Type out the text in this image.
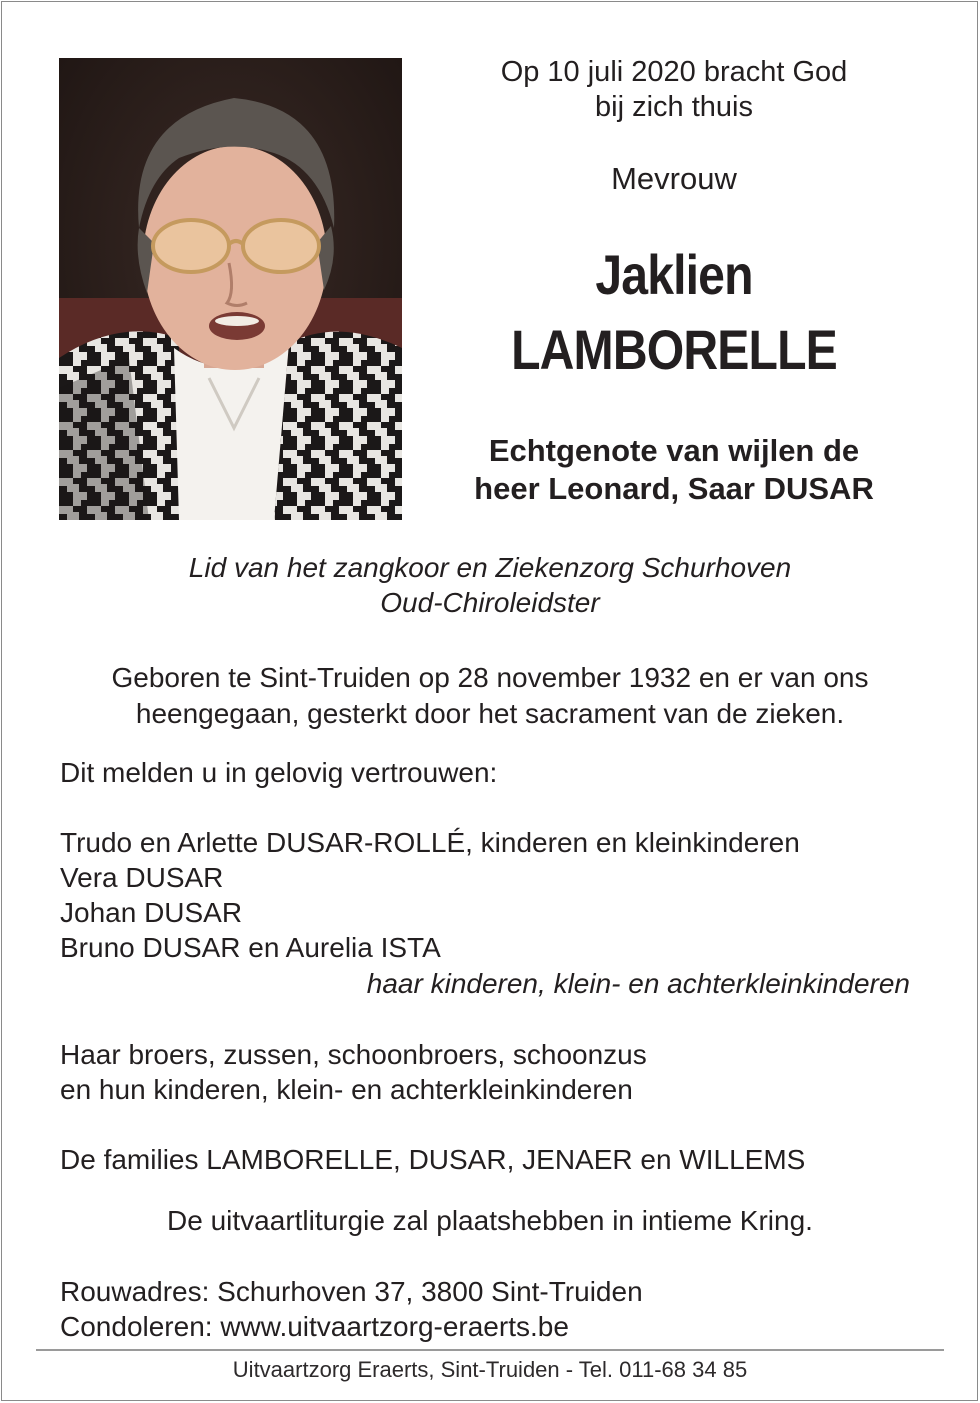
Op 10 juli 2020 bracht God
bij zich thuis
Mevrouw
Jaklien
LAMBORELLE
Echtgenote van wijlen de
heer Leonard, Saar DUSAR
Lid van het zangkoor en Ziekenzorg Schurhoven
Oud-Chiroleidster
Geboren te Sint-Truiden op 28 november 1932 en er van ons
heengegaan, gesterkt door het sacrament van de zieken.
Dit melden u in gelovig vertrouwen:
Trudo en Arlette DUSAR-ROLLÉ, kinderen en kleinkinderen
Vera DUSAR
Johan DUSAR
Bruno DUSAR en Aurelia ISTA
haar kinderen, klein- en achterkleinkinderen
Haar broers, zussen, schoonbroers, schoonzus
en hun kinderen, klein- en achterkleinkinderen
De families LAMBORELLE, DUSAR, JENAER en WILLEMS
De uitvaartliturgie zal plaatshebben in intieme Kring.
Rouwadres: Schurhoven 37, 3800 Sint-Truiden
Condoleren: www.uitvaartzorg-eraerts.be
Uitvaartzorg Eraerts, Sint-Truiden - Tel. 011-68 34 85
